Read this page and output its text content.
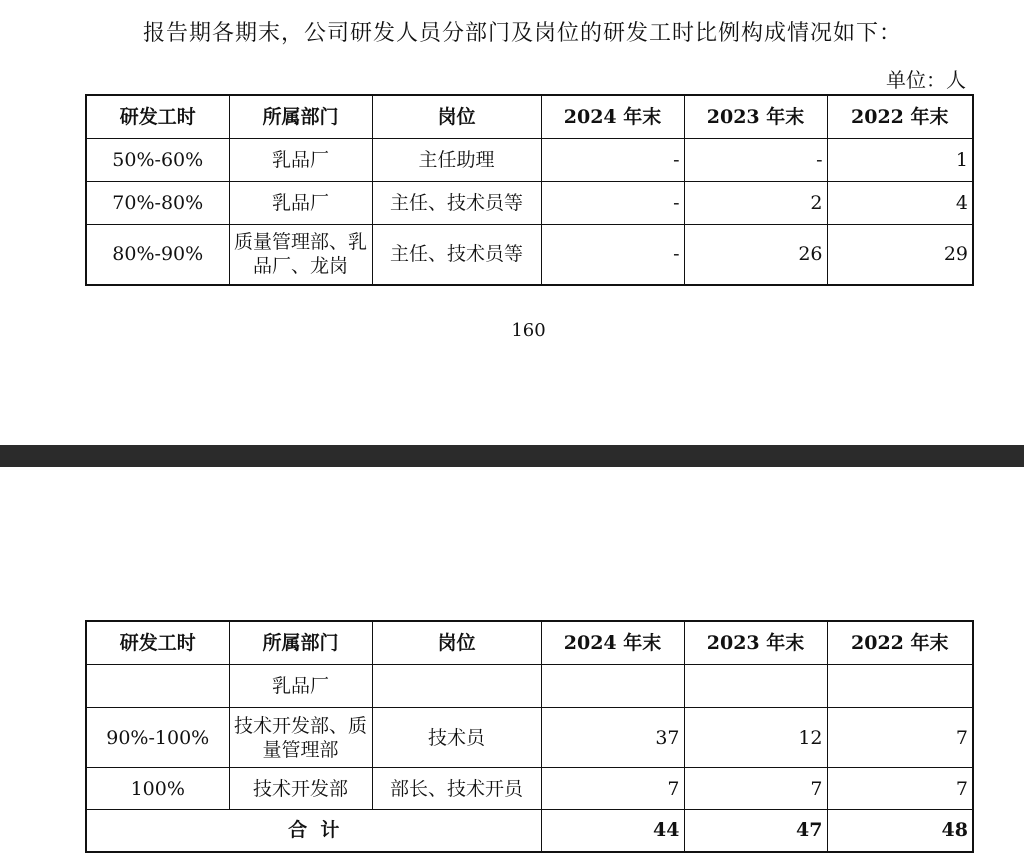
报告期各期末，公司研发人员分部门及岗位的研发工时比例构成情况如下：
单位：人
研发工时	所属部门	岗位	2024 年末	2023 年末	2022 年末
50%-60%	乳品厂	主任助理	-	-	1
70%-80%	乳品厂	主任、技术员等	-	2	4
80%-90%	质量管理部、乳品厂、龙岗	主任、技术员等	-	26	29
160
研发工时	所属部门	岗位	2024 年末	2023 年末	2022 年末
	乳品厂				
90%-100%	技术开发部、质量管理部	技术员	37	12	7
100%	技术开发部	部长、技术开员	7	7	7
合  计			44	47	48
